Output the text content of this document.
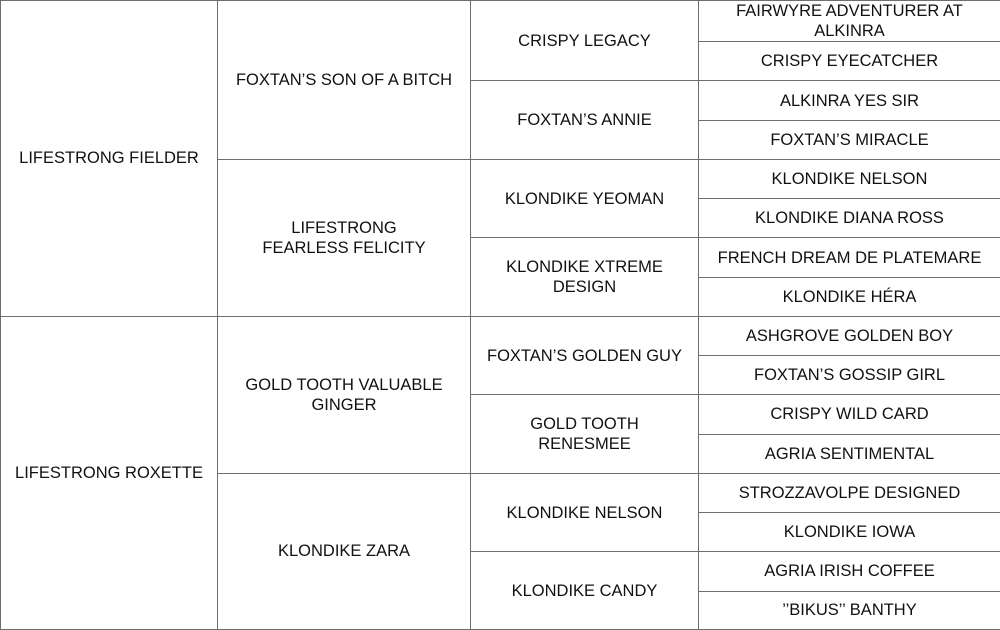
LIFESTRONG FIELDER	FOXTAN’S SON OF A BITCH	CRISPY LEGACY	FAIRWYRE ADVENTURER AT ALKINRA
			CRISPY EYECATCHER
		FOXTAN’S ANNIE	ALKINRA YES SIR
			FOXTAN’S MIRACLE
	LIFESTRONG FEARLESS FELICITY	KLONDIKE YEOMAN	KLONDIKE NELSON
			KLONDIKE DIANA ROSS
		KLONDIKE XTREME DESIGN	FRENCH DREAM DE PLATEMARE
			KLONDIKE HÉRA
LIFESTRONG ROXETTE	GOLD TOOTH VALUABLE GINGER	FOXTAN’S GOLDEN GUY	ASHGROVE GOLDEN BOY
			FOXTAN’S GOSSIP GIRL
		GOLD TOOTH RENESMEE	CRISPY WILD CARD
			AGRIA SENTIMENTAL
	KLONDIKE ZARA	KLONDIKE NELSON	STROZZAVOLPE DESIGNED
			KLONDIKE IOWA
		KLONDIKE CANDY	AGRIA IRISH COFFEE
			’’BIKUS’’ BANTHY
